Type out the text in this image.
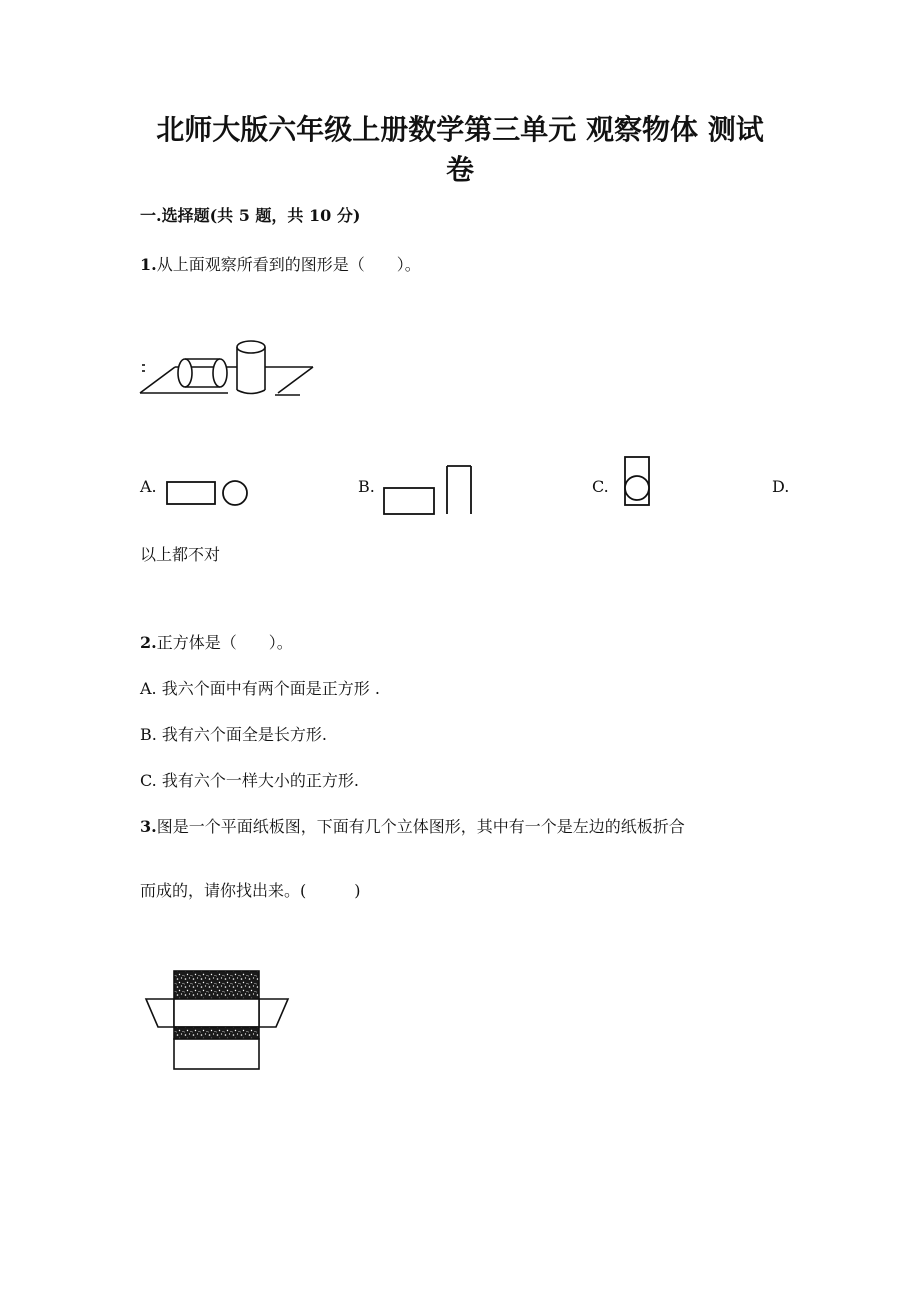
北师大版六年级上册数学第三单元 观察物体 测试
卷
一.选择题(共 5 题，共 10 分)
1.从上面观察所看到的图形是（　　）。
A.	B.	C.	D.
以上都不对
2.正方体是（　　）。
A. 我六个面中有两个面是正方形 .
B. 我有六个面全是长方形.
C. 我有六个一样大小的正方形.
3.图是一个平面纸板图，下面有几个立体图形，其中有一个是左边的纸板折合
而成的，请你找出来。(　　　)
